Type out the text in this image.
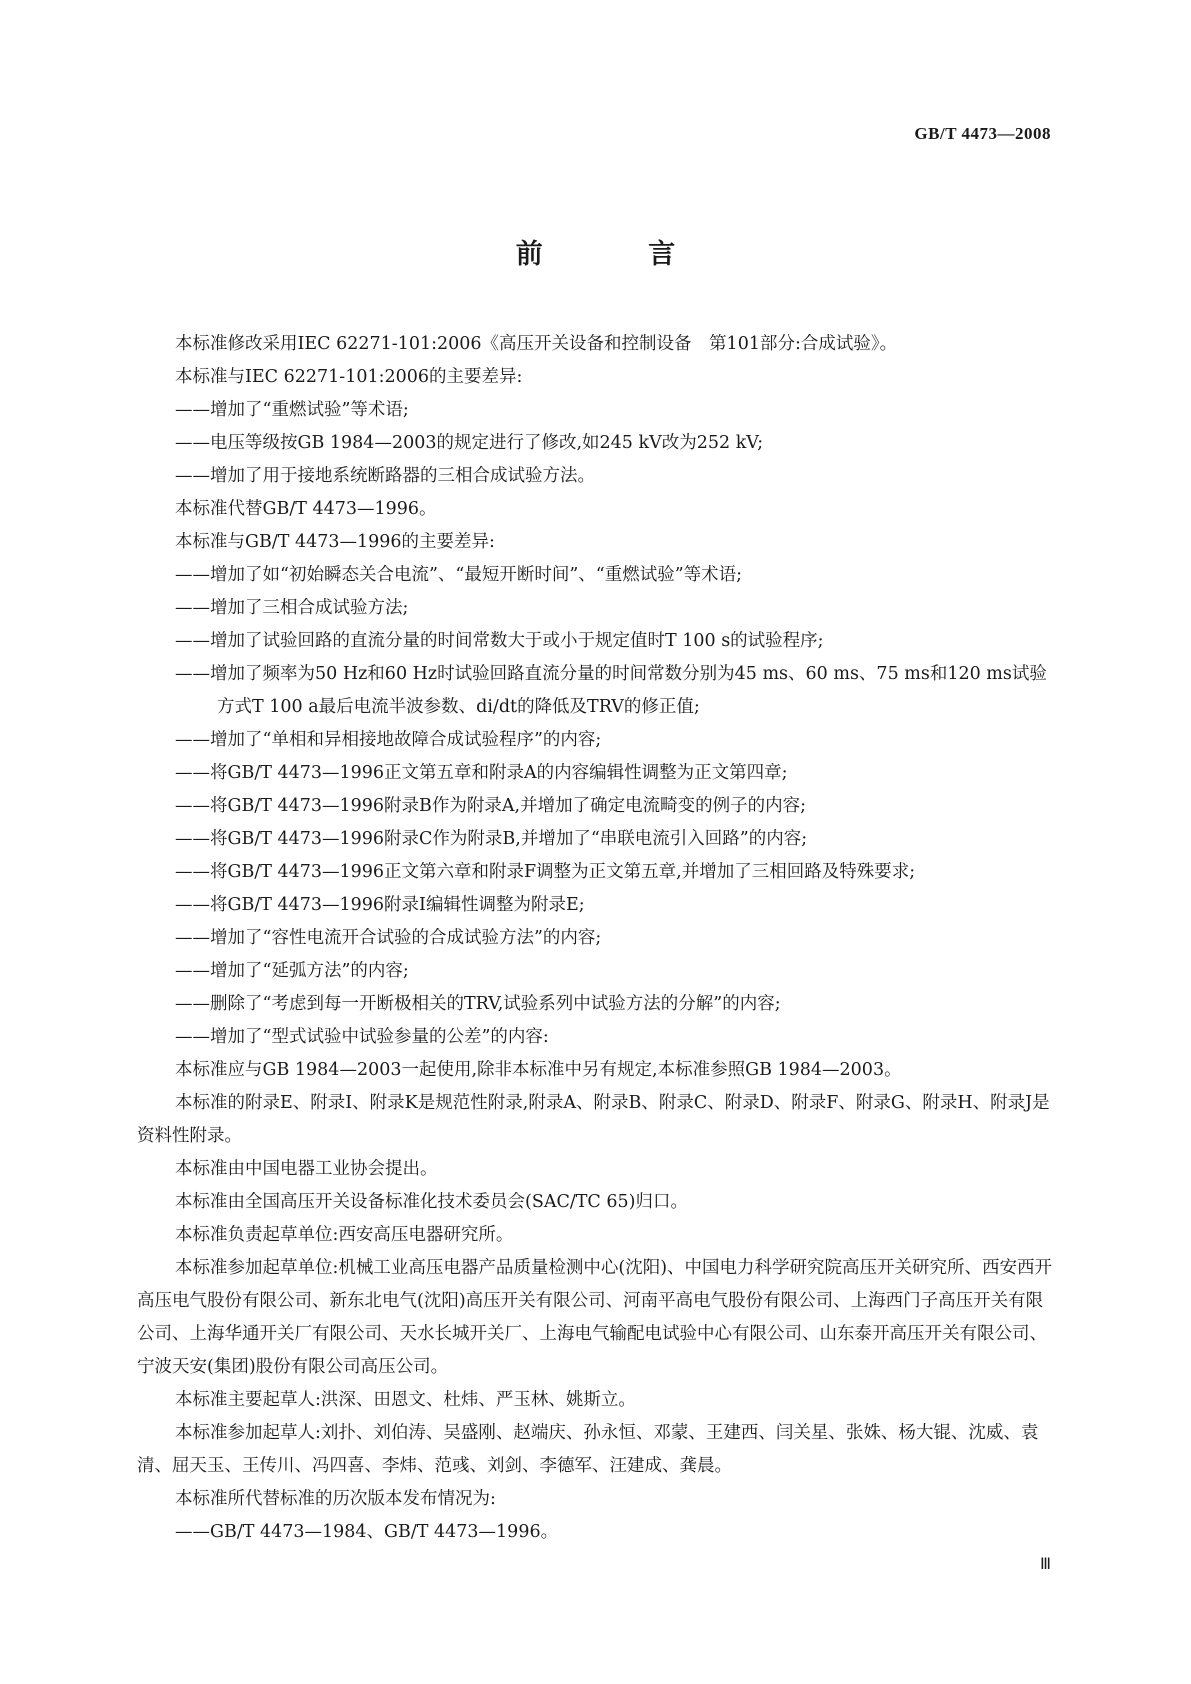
GB/T 4473—2008
前 言

本标准修改采用IEC 62271-101:2006《高压开关设备和控制设备　第101部分:合成试验》。

本标准与IEC 62271-101:2006的主要差异:

——增加了“重燃试验”等术语;

——电压等级按GB 1984—2003的规定进行了修改,如245 kV改为252 kV;

——增加了用于接地系统断路器的三相合成试验方法。

本标准代替GB/T 4473—1996。

本标准与GB/T 4473—1996的主要差异:

——增加了如“初始瞬态关合电流”、“最短开断时间”、“重燃试验”等术语;

——增加了三相合成试验方法;

——增加了试验回路的直流分量的时间常数大于或小于规定值时T 100 s的试验程序;

——增加了频率为50 Hz和60 Hz时试验回路直流分量的时间常数分别为45 ms、60 ms、75 ms和120 ms试验方式T 100 a最后电流半波参数、di/dt的降低及TRV的修正值;

——增加了“单相和异相接地故障合成试验程序”的内容;

——将GB/T 4473—1996正文第五章和附录A的内容编辑性调整为正文第四章;

——将GB/T 4473—1996附录B作为附录A,并增加了确定电流畸变的例子的内容;

——将GB/T 4473—1996附录C作为附录B,并增加了“串联电流引入回路”的内容;

——将GB/T 4473—1996正文第六章和附录F调整为正文第五章,并增加了三相回路及特殊要求;

——将GB/T 4473—1996附录I编辑性调整为附录E;

——增加了“容性电流开合试验的合成试验方法”的内容;

——增加了“延弧方法”的内容;

——删除了“考虑到每一开断极相关的TRV,试验系列中试验方法的分解”的内容;

——增加了“型式试验中试验参量的公差”的内容:

本标准应与GB 1984—2003一起使用,除非本标准中另有规定,本标准参照GB 1984—2003。

本标准的附录E、附录I、附录K是规范性附录,附录A、附录B、附录C、附录D、附录F、附录G、附录H、附录J是资料性附录。

本标准由中国电器工业协会提出。

本标准由全国高压开关设备标准化技术委员会(SAC/TC 65)归口。

本标准负责起草单位:西安高压电器研究所。

本标准参加起草单位:机械工业高压电器产品质量检测中心(沈阳)、中国电力科学研究院高压开关研究所、西安西开高压电气股份有限公司、新东北电气(沈阳)高压开关有限公司、河南平高电气股份有限公司、上海西门子高压开关有限公司、上海华通开关厂有限公司、天水长城开关厂、上海电气输配电试验中心有限公司、山东泰开高压开关有限公司、宁波天安(集团)股份有限公司高压公司。

本标准主要起草人:洪深、田恩文、杜炜、严玉林、姚斯立。

本标准参加起草人:刘扑、刘伯涛、吴盛刚、赵端庆、孙永恒、邓蒙、王建西、闫关星、张姝、杨大锟、沈威、袁清、屈天玉、王传川、冯四喜、李炜、范彧、刘剑、李德军、汪建成、龚晨。

本标准所代替标准的历次版本发布情况为:

——GB/T 4473—1984、GB/T 4473—1996。

Ⅲ
